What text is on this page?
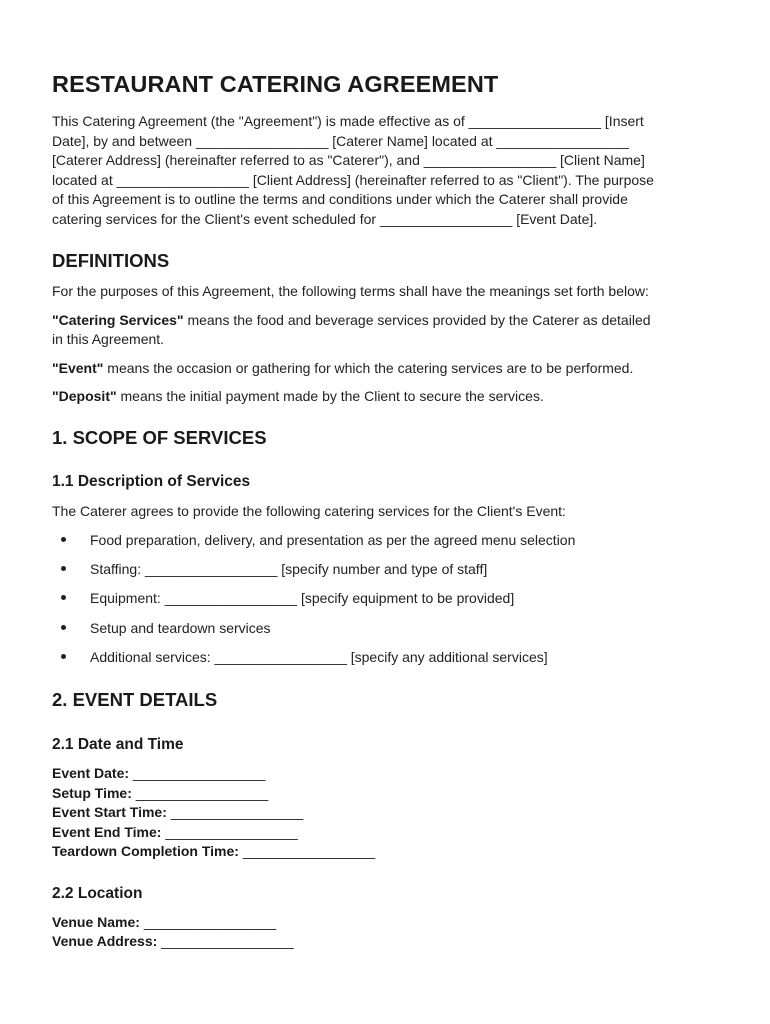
RESTAURANT CATERING AGREEMENT

This Catering Agreement (the "Agreement") is made effective as of _________________ [Insert

Date], by and between _________________ [Caterer Name] located at _________________

[Caterer Address] (hereinafter referred to as "Caterer"), and _________________ [Client Name]

located at _________________ [Client Address] (hereinafter referred to as "Client"). The purpose

of this Agreement is to outline the terms and conditions under which the Caterer shall provide

catering services for the Client's event scheduled for _________________ [Event Date].

DEFINITIONS

For the purposes of this Agreement, the following terms shall have the meanings set forth below:

"Catering Services" means the food and beverage services provided by the Caterer as detailed

in this Agreement.

"Event" means the occasion or gathering for which the catering services are to be performed.

"Deposit" means the initial payment made by the Client to secure the services.

1. SCOPE OF SERVICES
1.1 Description of Services

The Caterer agrees to provide the following catering services for the Client's Event:

Food preparation, delivery, and presentation as per the agreed menu selection
Staffing: _________________ [specify number and type of staff]
Equipment: _________________ [specify equipment to be provided]
Setup and teardown services
Additional services: _________________ [specify any additional services]
2. EVENT DETAILS
2.1 Date and Time
Event Date: _________________
Setup Time: _________________
Event Start Time: _________________
Event End Time: _________________
Teardown Completion Time: _________________
2.2 Location
Venue Name: _________________
Venue Address: _________________
